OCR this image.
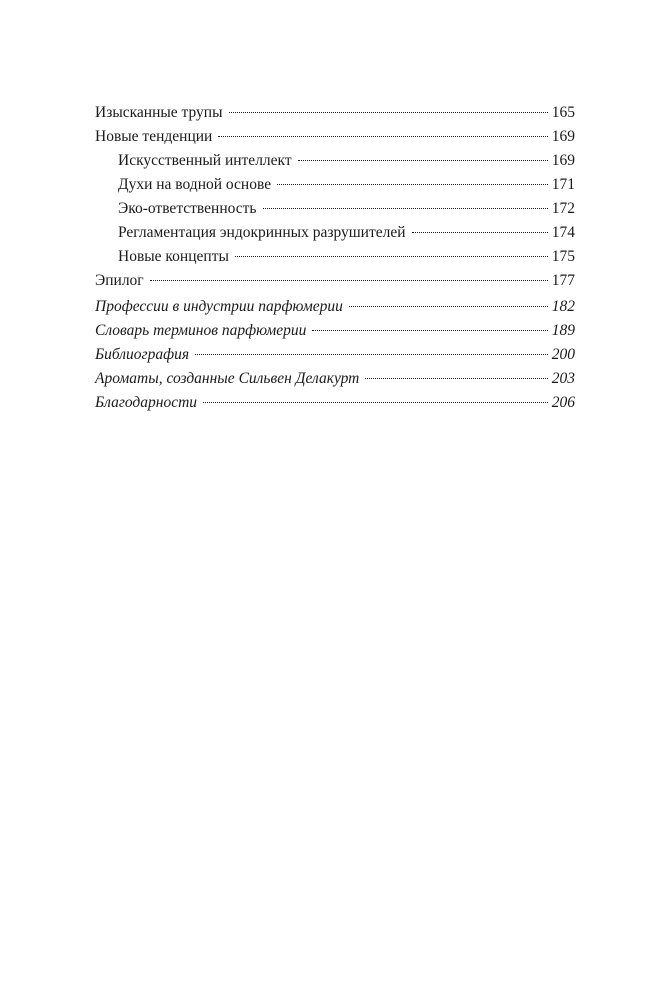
Изысканные трупы	165
Новые тенденции	169
Искусственный интеллект	169
Духи на водной основе	171
Эко-ответственность	172
Регламентация эндокринных разрушителей	174
Новые концепты	175
Эпилог	177
Профессии в индустрии парфюмерии	182
Словарь терминов парфюмерии	189
Библиография	200
Ароматы, созданные Сильвен Делакурт	203
Благодарности	206
